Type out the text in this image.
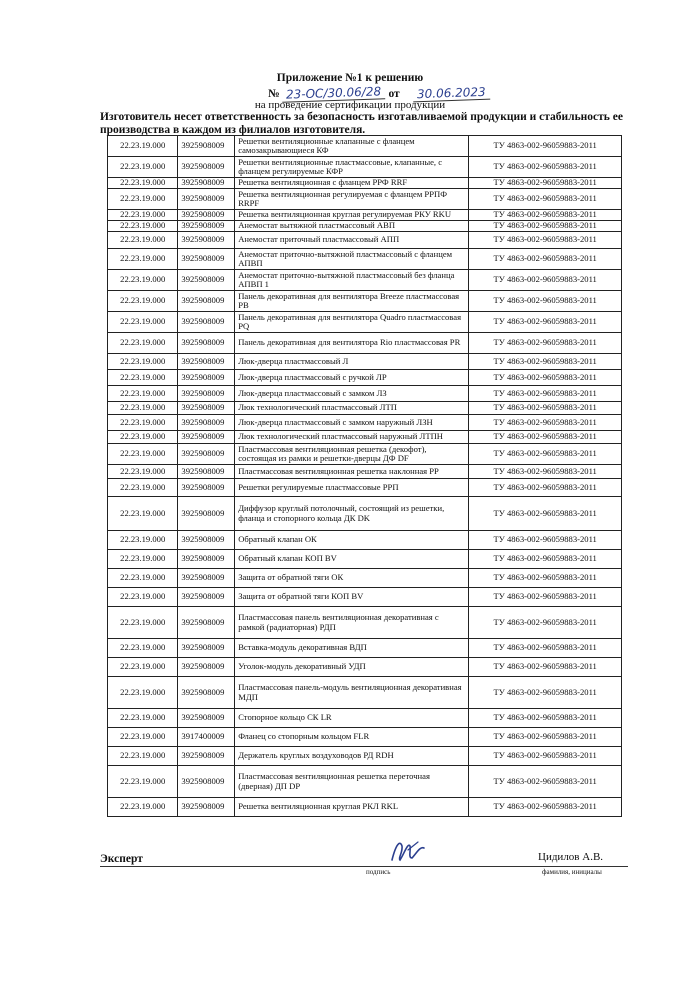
Приложение №1 к решению
№ 23-ОС/30.06/28 от 30.06.2023
на проведение сертификации продукции
Изготовитель несет ответственность за безопасность изготавливаемой продукции и стабильность ее производства в каждом из филиалов изготовителя.
22.23.19.000	3925908009	Решетки вентиляционные клапанные с фланцем самозакрывающиеся КФ	ТУ 4863-002-96059883-2011
22.23.19.000	3925908009	Решетки вентиляционные пластмассовые, клапанные, с фланцем регулируемые КФР	ТУ 4863-002-96059883-2011
22.23.19.000	3925908009	Решетка вентиляционная с фланцем РРФ RRF	ТУ 4863-002-96059883-2011
22.23.19.000	3925908009	Решетка вентиляционная регулируемая с фланцем РРПФ RRPF	ТУ 4863-002-96059883-2011
22.23.19.000	3925908009	Решетка вентиляционная круглая регулируемая РКУ RKU	ТУ 4863-002-96059883-2011
22.23.19.000	3925908009	Анемостат вытяжной пластмассовый АВП	ТУ 4863-002-96059883-2011
22.23.19.000	3925908009	Анемостат приточный пластмассовый АПП	ТУ 4863-002-96059883-2011
22.23.19.000	3925908009	Анемостат приточно-вытяжной пластмассовый с фланцем АПВП	ТУ 4863-002-96059883-2011
22.23.19.000	3925908009	Анемостат приточно-вытяжной пластмассовый без фланца АПВП 1	ТУ 4863-002-96059883-2011
22.23.19.000	3925908009	Панель декоративная для вентилятора Breeze пластмассовая РВ	ТУ 4863-002-96059883-2011
22.23.19.000	3925908009	Панель декоративная для вентилятора Quadro пластмассовая PQ	ТУ 4863-002-96059883-2011
22.23.19.000	3925908009	Панель декоративная для вентилятора Rio пластмассовая PR	ТУ 4863-002-96059883-2011
22.23.19.000	3925908009	Люк-дверца пластмассовый Л	ТУ 4863-002-96059883-2011
22.23.19.000	3925908009	Люк-дверца пластмассовый с ручкой ЛР	ТУ 4863-002-96059883-2011
22.23.19.000	3925908009	Люк-дверца пластмассовый с замком ЛЗ	ТУ 4863-002-96059883-2011
22.23.19.000	3925908009	Люк технологический пластмассовый ЛТП	ТУ 4863-002-96059883-2011
22.23.19.000	3925908009	Люк-дверца пластмассовый с замком наружный ЛЗН	ТУ 4863-002-96059883-2011
22.23.19.000	3925908009	Люк технологический пластмассовый наружный ЛТПН	ТУ 4863-002-96059883-2011
22.23.19.000	3925908009	Пластмассовая вентиляционная решетка (декофот), состоящая из рамки и решетки-дверцы ДФ DF	ТУ 4863-002-96059883-2011
22.23.19.000	3925908009	Пластмассовая вентиляционная решетка наклонная РР	ТУ 4863-002-96059883-2011
22.23.19.000	3925908009	Решетки регулируемые пластмассовые РРП	ТУ 4863-002-96059883-2011
22.23.19.000	3925908009	Диффузор круглый потолочный, состоящий из решетки, фланца и стопорного кольца ДК DK	ТУ 4863-002-96059883-2011
22.23.19.000	3925908009	Обратный клапан ОК	ТУ 4863-002-96059883-2011
22.23.19.000	3925908009	Обратный клапан КОП BV	ТУ 4863-002-96059883-2011
22.23.19.000	3925908009	Защита от обратной тяги ОК	ТУ 4863-002-96059883-2011
22.23.19.000	3925908009	Защита от обратной тяги КОП BV	ТУ 4863-002-96059883-2011
22.23.19.000	3925908009	Пластмассовая панель вентиляционная декоративная с рамкой (радиаторная) РДП	ТУ 4863-002-96059883-2011
22.23.19.000	3925908009	Вставка-модуль декоративная ВДП	ТУ 4863-002-96059883-2011
22.23.19.000	3925908009	Уголок-модуль декоративный УДП	ТУ 4863-002-96059883-2011
22.23.19.000	3925908009	Пластмассовая панель-модуль вентиляционная декоративная МДП	ТУ 4863-002-96059883-2011
22.23.19.000	3925908009	Стопорное кольцо СК LR	ТУ 4863-002-96059883-2011
22.23.19.000	3917400009	Фланец со стопорным кольцом FLR	ТУ 4863-002-96059883-2011
22.23.19.000	3925908009	Держатель круглых воздуховодов РД RDH	ТУ 4863-002-96059883-2011
22.23.19.000	3925908009	Пластмассовая вентиляционная решетка переточная (дверная) ДП DP	ТУ 4863-002-96059883-2011
22.23.19.000	3925908009	Решетка вентиляционная круглая РКЛ RKL	ТУ 4863-002-96059883-2011
Эксперт
подпись
Цидилов А.В.
фамилия, инициалы
